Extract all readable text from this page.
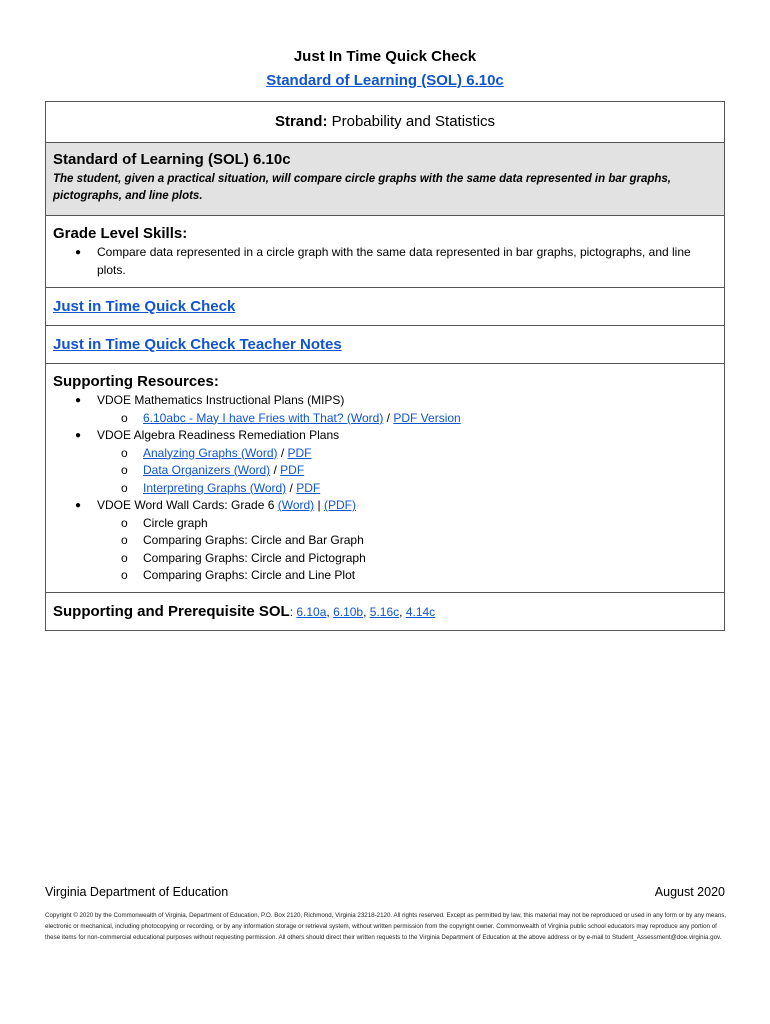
Just In Time Quick Check
Standard of Learning (SOL) 6.10c
Strand: Probability and Statistics
Standard of Learning (SOL) 6.10c
The student, given a practical situation, will compare circle graphs with the same data represented in bar graphs, pictographs, and line plots.
Grade Level Skills:
● Compare data represented in a circle graph with the same data represented in bar graphs, pictographs, and line plots.
Just in Time Quick Check
Just in Time Quick Check Teacher Notes
Supporting Resources:
● VDOE Mathematics Instructional Plans (MIPS)
o 6.10abc - May I have Fries with That? (Word) / PDF Version
● VDOE Algebra Readiness Remediation Plans
o Analyzing Graphs (Word) / PDF
o Data Organizers (Word) / PDF
o Interpreting Graphs (Word) / PDF
● VDOE Word Wall Cards: Grade 6 (Word) | (PDF)
o Circle graph
o Comparing Graphs: Circle and Bar Graph
o Comparing Graphs: Circle and Pictograph
o Comparing Graphs: Circle and Line Plot
Supporting and Prerequisite SOL: 6.10a, 6.10b, 5.16c, 4.14c
Virginia Department of Education	August 2020
Copyright © 2020 by the Commonwealth of Virginia, Department of Education, P.O. Box 2120, Richmond, Virginia 23218-2120. All rights reserved. Except as permitted by law, this material may not be reproduced or used in any form or by any means, electronic or mechanical, including photocopying or recording, or by any information storage or retrieval system, without written permission from the copyright owner. Commonwealth of Virginia public school educators may reproduce any portion of these items for non-commercial educational purposes without requesting permission. All others should direct their written requests to the Virginia Department of Education at the above address or by e-mail to Student_Assessment@doe.virginia.gov.
